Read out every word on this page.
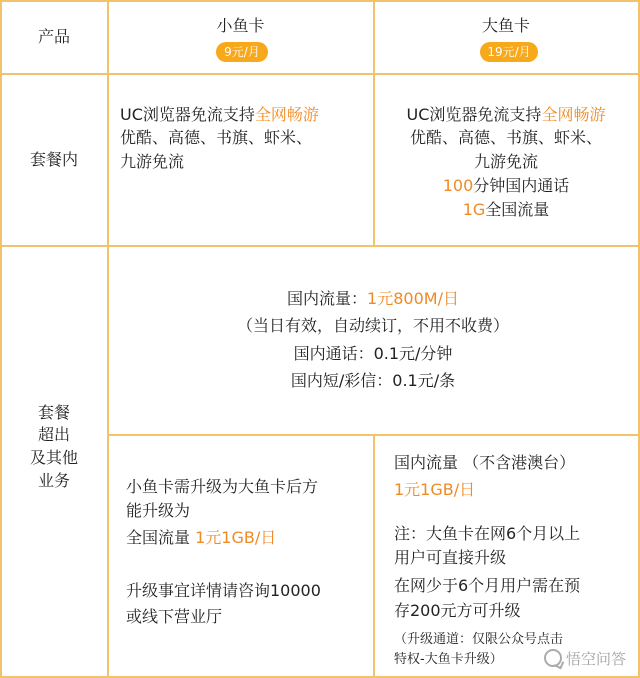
产品
套餐内
套餐
超出
及其他
业务
小鱼卡
9元/月
大鱼卡
19元/月
UC浏览器免流支持全网畅游
优酷、高德、书旗、虾米、
九游免流
UC浏览器免流支持全网畅游
优酷、高德、书旗、虾米、
九游免流
100分钟国内通话
1G全国流量
国内流量：1元800M/日
（当日有效，自动续订，不用不收费）
国内通话：0.1元/分钟
国内短/彩信：0.1元/条
小鱼卡需升级为大鱼卡后方
能升级为
全国流量 1元1GB/日
升级事宜详情请咨询10000
或线下营业厅
国内流量 （不含港澳台）
1元1GB/日
注：大鱼卡在网6个月以上
用户可直接升级
在网少于6个月用户需在预
存200元方可升级
（升级通道：仅限公众号点击
特权-大鱼卡升级）	悟空问答
